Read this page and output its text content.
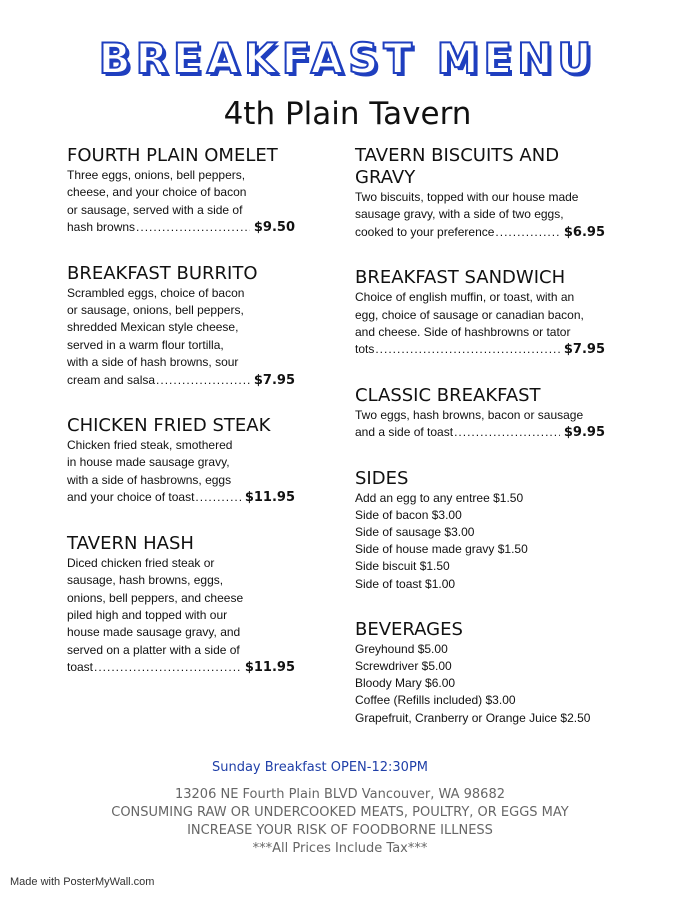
BREAKFAST MENU
4th Plain Tavern
FOURTH PLAIN OMELET
Three eggs, onions, bell peppers,
cheese, and your choice of bacon
or sausage, served with a side of
hash browns .....	$9.50
BREAKFAST BURRITO
Scrambled eggs, choice of bacon
or sausage, onions, bell peppers,
shredded Mexican style cheese,
served in a warm flour tortilla,
with a side of hash browns, sour
cream and salsa .....	$7.95
CHICKEN FRIED STEAK
Chicken fried steak, smothered
in house made sausage gravy,
with a side of hasbrowns, eggs
and your choice of toast .....	$11.95
TAVERN HASH
Diced chicken fried steak or
sausage, hash browns, eggs,
onions, bell peppers, and cheese
piled high and topped with our
house made sausage gravy, and
served on a platter with a side of
toast .....	$11.95
TAVERN BISCUITS AND GRAVY
Two biscuits, topped with our house made
sausage gravy, with a side of two eggs,
cooked to your preference .....	$6.95
BREAKFAST SANDWICH
Choice of english muffin, or toast, with an
egg, choice of sausage or canadian bacon,
and cheese. Side of hashbrowns or tator
tots .....	$7.95
CLASSIC BREAKFAST
Two eggs, hash browns, bacon or sausage
and a side of toast .....	$9.95
SIDES
Add an egg to any entree $1.50
Side of bacon $3.00
Side of sausage $3.00
Side of house made gravy $1.50
Side biscuit $1.50
Side of toast $1.00
BEVERAGES
Greyhound $5.00
Screwdriver $5.00
Bloody Mary $6.00
Coffee (Refills included) $3.00
Grapefruit, Cranberry or Orange Juice $2.50
Sunday Breakfast OPEN-12:30PM
13206 NE Fourth Plain BLVD Vancouver, WA 98682
CONSUMING RAW OR UNDERCOOKED MEATS, POULTRY, OR EGGS MAY
INCREASE YOUR RISK OF FOODBORNE ILLNESS
***All Prices Include Tax***
Made with PosterMyWall.com
